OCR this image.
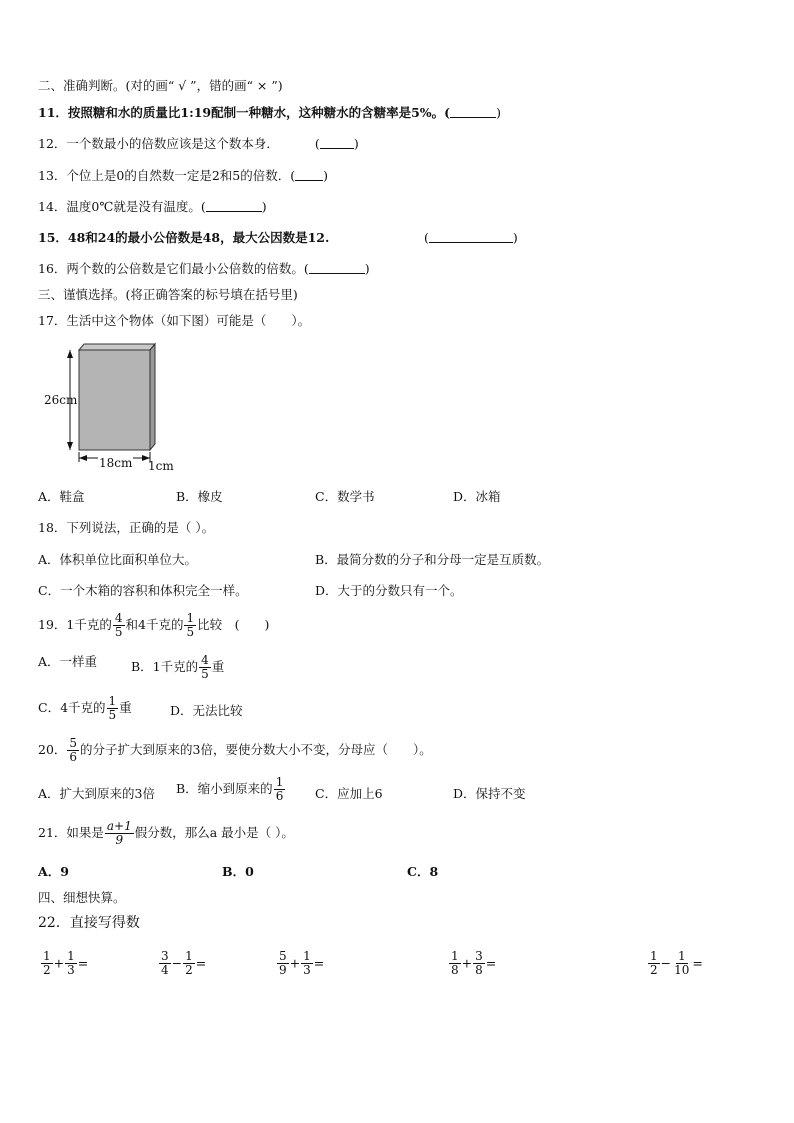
二、准确判断。(对的画“ √ ”，错的画“ × ”)
11．按照糖和水的质量比1:19配制一种糖水，这种糖水的含糖率是5%。(	)
12．一个数最小的倍数应该是这个数本身．	(	)
13．个位上是0的自然数一定是2和5的倍数．( )
14．温度0℃就是没有温度。(	)
15．48和24的最小公倍数是48，最大公因数是12.	(	)
16．两个数的公倍数是它们最小公倍数的倍数。(	)
三、谨慎选择。(将正确答案的标号填在括号里)
17．生活中这个物体（如下图）可能是（　　）。
26cm
18cm 1cm
A．鞋盒	B．橡皮	C．数学书	D．冰箱
18．下列说法，正确的是（ ）。
A．体积单位比面积单位大。	B．最简分数的分子和分母一定是互质数。
C．一个木箱的容积和体积完全一样。	D．大于的分数只有一个。
19．1千克的 $\frac{4}{5}$ 和4千克的 $\frac{1}{5}$ 比较　(　　)
A．一样重	B．1千克的 $\frac{4}{5}$ 重
C．4千克的 $\frac{1}{5}$ 重	D．无法比较
20． $\frac{5}{6}$ 的分子扩大到原来的3倍，要使分数大小不变，分母应（　　）。
A．扩大到原来的3倍 B．缩小到原来的 $\frac{1}{6}$ C．应加上6	D．保持不变
21．如果是 $\frac{a+1}{9}$ 假分数，那么a 最小是（ ）。
A．9	B．0	C．8
四、细想快算。
22．直接写得数
$\frac{1}{2} + \frac{1}{3}$ =	$\frac{3}{4} - \frac{1}{2}$ =	$\frac{5}{9} + \frac{1}{3}$ =	$\frac{1}{8} + \frac{3}{8}$ =	$\frac{1}{2} - \frac{1}{10}$ =
